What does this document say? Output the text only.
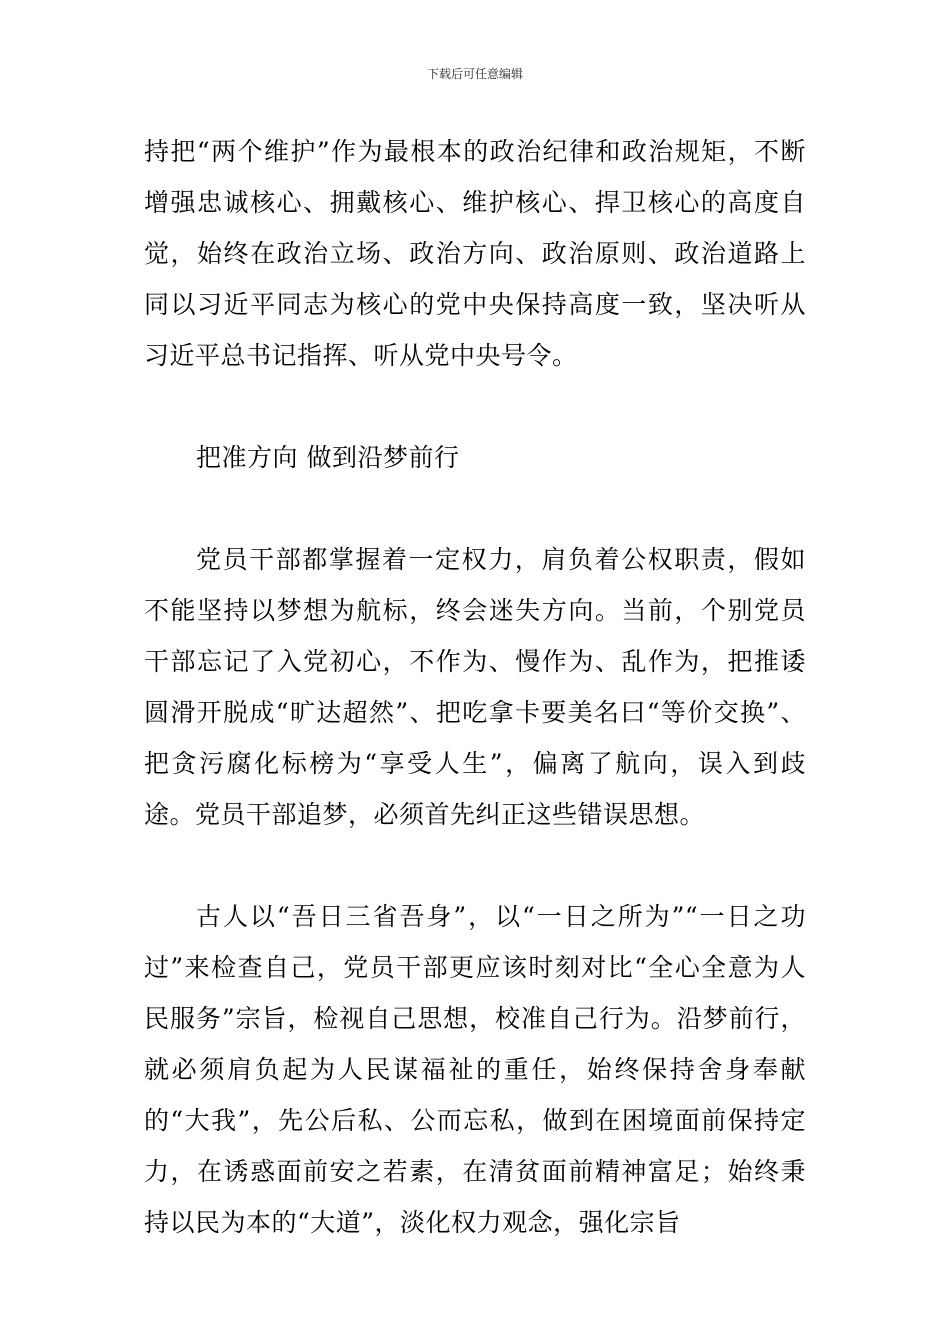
下载后可任意编辑

持把“两个维护”作为最根本的政治纪律和政治规矩，不断增强忠诚核心、拥戴核心、维护核心、捍卫核心的高度自觉，始终在政治立场、政治方向、政治原则、政治道路上同以习近平同志为核心的党中央保持高度一致，坚决听从习近平总书记指挥、听从党中央号令。

把准方向 做到沿梦前行

党员干部都掌握着一定权力，肩负着公权职责，假如不能坚持以梦想为航标，终会迷失方向。当前，个别党员干部忘记了入党初心，不作为、慢作为、乱作为，把推诿圆滑开脱成“旷达超然”、把吃拿卡要美名曰“等价交换”、把贪污腐化标榜为“享受人生”，偏离了航向，误入到歧途。党员干部追梦，必须首先纠正这些错误思想。

古人以“吾日三省吾身”，以“一日之所为”“一日之功过”来检查自己，党员干部更应该时刻对比“全心全意为人民服务”宗旨，检视自己思想，校准自己行为。沿梦前行，就必须肩负起为人民谋福祉的重任，始终保持舍身奉献的“大我”，先公后私、公而忘私，做到在困境面前保持定力，在诱惑面前安之若素，在清贫面前精神富足；始终秉持以民为本的“大道”，淡化权力观念，强化宗旨
